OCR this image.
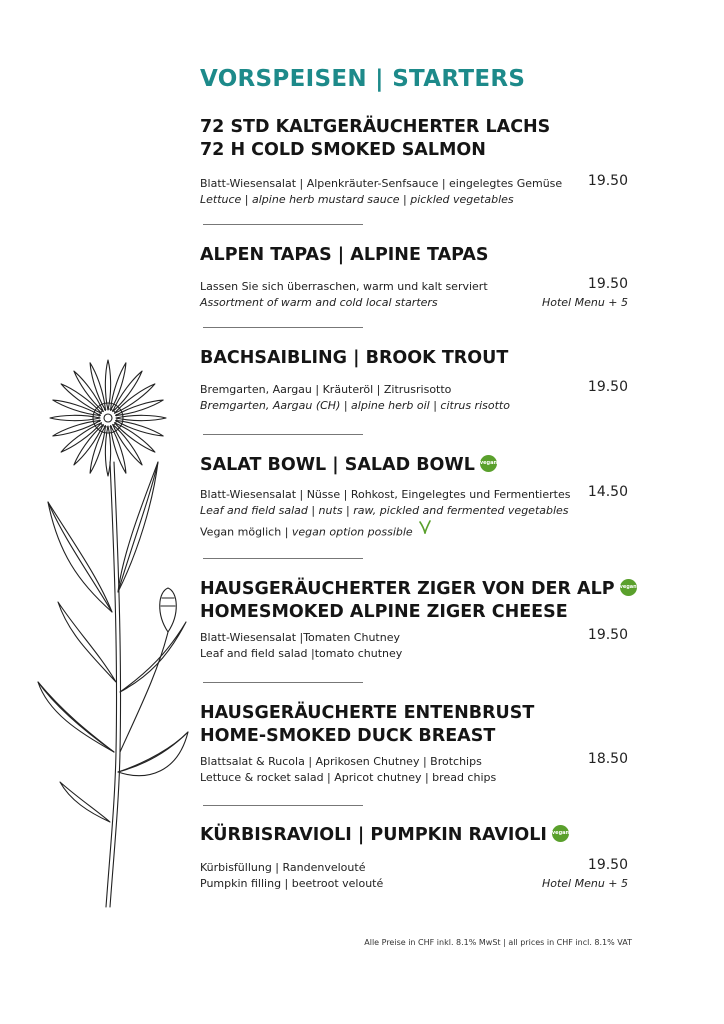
VORSPEISEN | STARTERS
72 STD KALTGERÄUCHERTER LACHS
72 H COLD SMOKED SALMON
Blatt-Wiesensalat | Alpenkräuter-Senfsauce | eingelegtes Gemüse
Lettuce | alpine herb mustard sauce | pickled vegetables
19.50
ALPEN TAPAS | ALPINE TAPAS
Lassen Sie sich überraschen, warm und kalt serviert
Assortment of warm and cold local starters
19.50
Hotel Menu + 5
BACHSAIBLING | BROOK TROUT
Bremgarten, Aargau | Kräuteröl | Zitrusrisotto
Bremgarten, Aargau (CH) | alpine herb oil | citrus risotto
19.50
SALAT BOWL | SALAD BOWL vegan
Blatt-Wiesensalat | Nüsse | Rohkost, Eingelegtes und Fermentiertes
Leaf and field salad | nuts | raw, pickled and fermented vegetables
Vegan möglich | vegan option possible
14.50
HAUSGERÄUCHERTER ZIGER VON DER ALP vegan
HOMESMOKED ALPINE ZIGER CHEESE
Blatt-Wiesensalat |Tomaten Chutney
Leaf and field salad |tomato chutney
19.50
HAUSGERÄUCHERTE ENTENBRUST
HOME-SMOKED DUCK BREAST
Blattsalat & Rucola | Aprikosen Chutney | Brotchips
Lettuce & rocket salad | Apricot chutney | bread chips
18.50
KÜRBISRAVIOLI | PUMPKIN RAVIOLI vegan
Kürbisfüllung | Randenvelouté
Pumpkin filling | beetroot velouté
19.50
Hotel Menu + 5
Alle Preise in CHF inkl. 8.1% MwSt | all prices in CHF incl. 8.1% VAT
